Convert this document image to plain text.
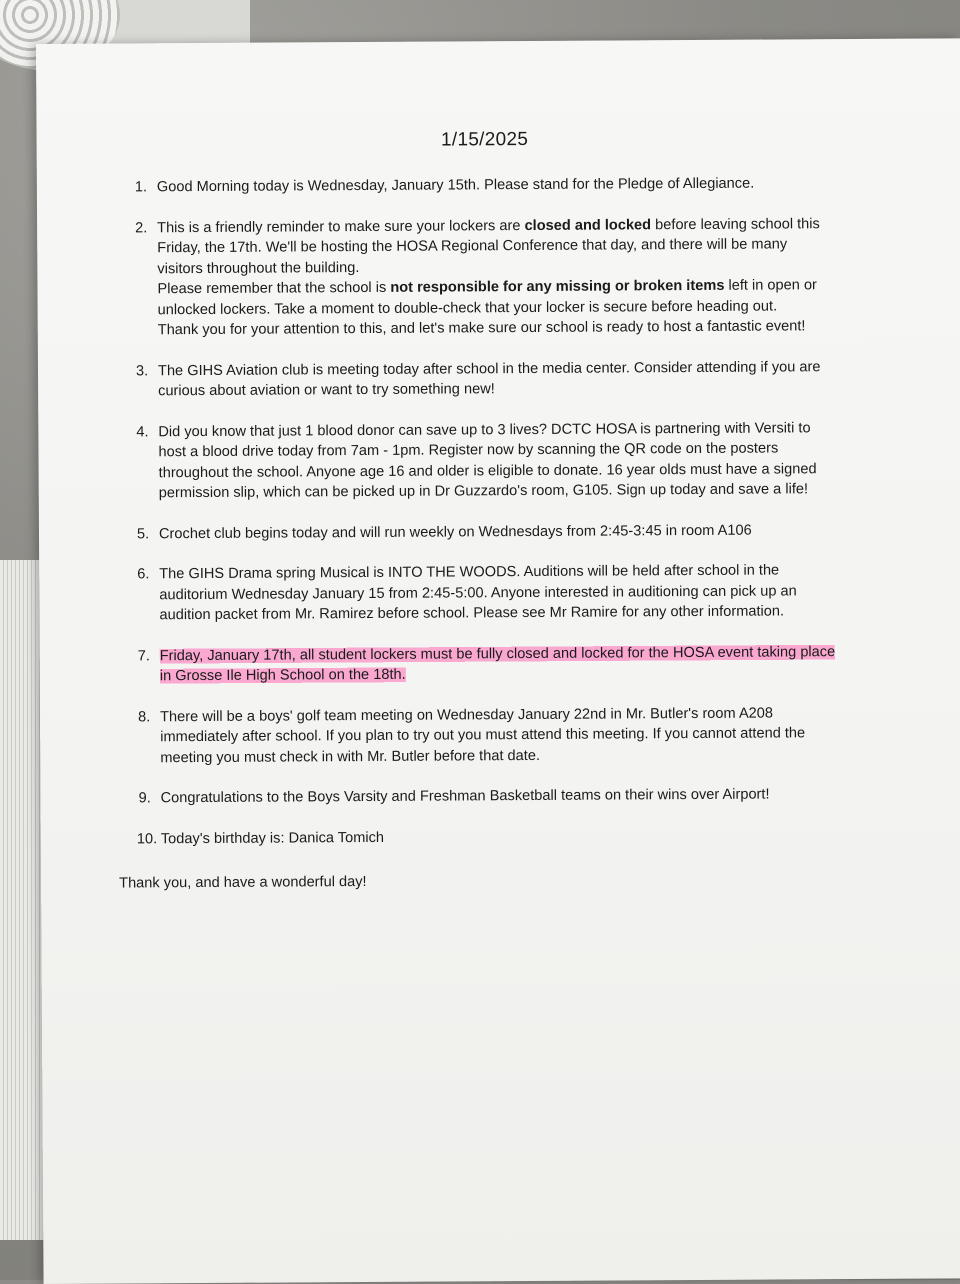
1/15/2025
1. Good Morning today is Wednesday, January 15th. Please stand for the Pledge of Allegiance.

2. This is a friendly reminder to make sure your lockers are closed and locked before leaving school this Friday, the 17th. We'll be hosting the HOSA Regional Conference that day, and there will be many visitors throughout the building.

Please remember that the school is not responsible for any missing or broken items left in open or unlocked lockers. Take a moment to double-check that your locker is secure before heading out.

Thank you for your attention to this, and let's make sure our school is ready to host a fantastic event!

3. The GIHS Aviation club is meeting today after school in the media center. Consider attending if you are curious about aviation or want to try something new!

4. Did you know that just 1 blood donor can save up to 3 lives? DCTC HOSA is partnering with Versiti to host a blood drive today from 7am - 1pm. Register now by scanning the QR code on the posters throughout the school. Anyone age 16 and older is eligible to donate. 16 year olds must have a signed permission slip, which can be picked up in Dr Guzzardo's room, G105. Sign up today and save a life!

5. Crochet club begins today and will run weekly on Wednesdays from 2:45-3:45 in room A106

6. The GIHS Drama spring Musical is INTO THE WOODS. Auditions will be held after school in the auditorium Wednesday January 15 from 2:45-5:00. Anyone interested in auditioning can pick up an audition packet from Mr. Ramirez before school. Please see Mr Ramire for any other information.

7. Friday, January 17th, all student lockers must be fully closed and locked for the HOSA event taking place in Grosse Ile High School on the 18th.

8. There will be a boys' golf team meeting on Wednesday January 22nd in Mr. Butler's room A208 immediately after school. If you plan to try out you must attend this meeting. If you cannot attend the meeting you must check in with Mr. Butler before that date.

9. Congratulations to the Boys Varsity and Freshman Basketball teams on their wins over Airport!

10. Today's birthday is: Danica Tomich

Thank you, and have a wonderful day!
